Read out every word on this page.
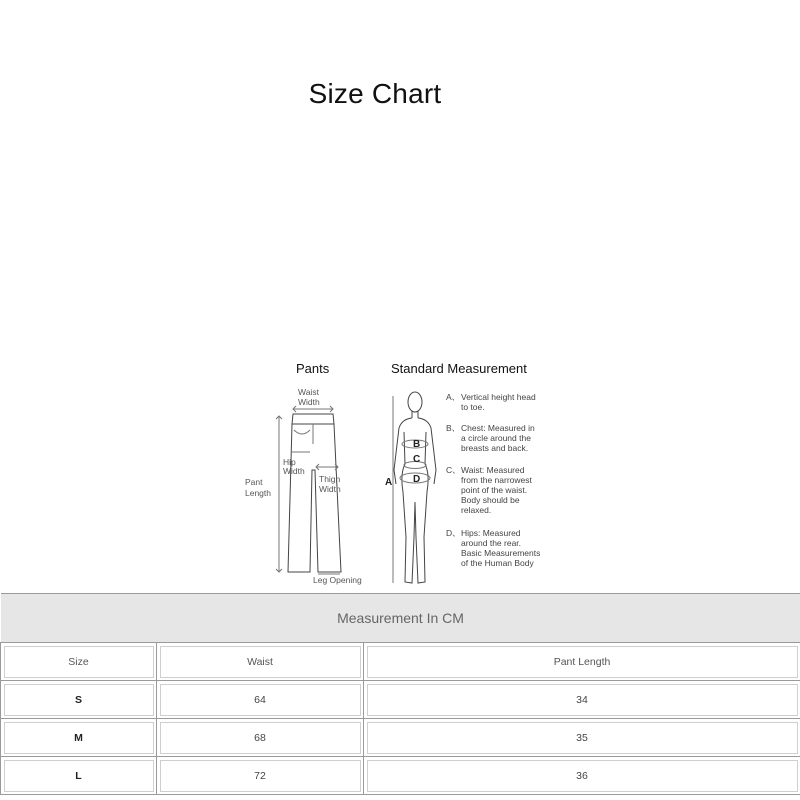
Size Chart
Pants	Standard Measurement
Waist
Width
Hip
Width
Thigh
Width
Pant
Length
Leg Opening
B
C
D
A
A、 Vertical height head
to toe.
B、 Chest: Measured in
a circle around the
breasts and back.
C、 Waist: Measured
from the narrowest
point of the waist.
Body should be
relaxed.
D、 Hips: Measured
around the rear.
Basic Measurements
of the Human Body
Measurement In CM		
Size	Waist	Pant Length
S	64	34
M	68	35
L	72	36
